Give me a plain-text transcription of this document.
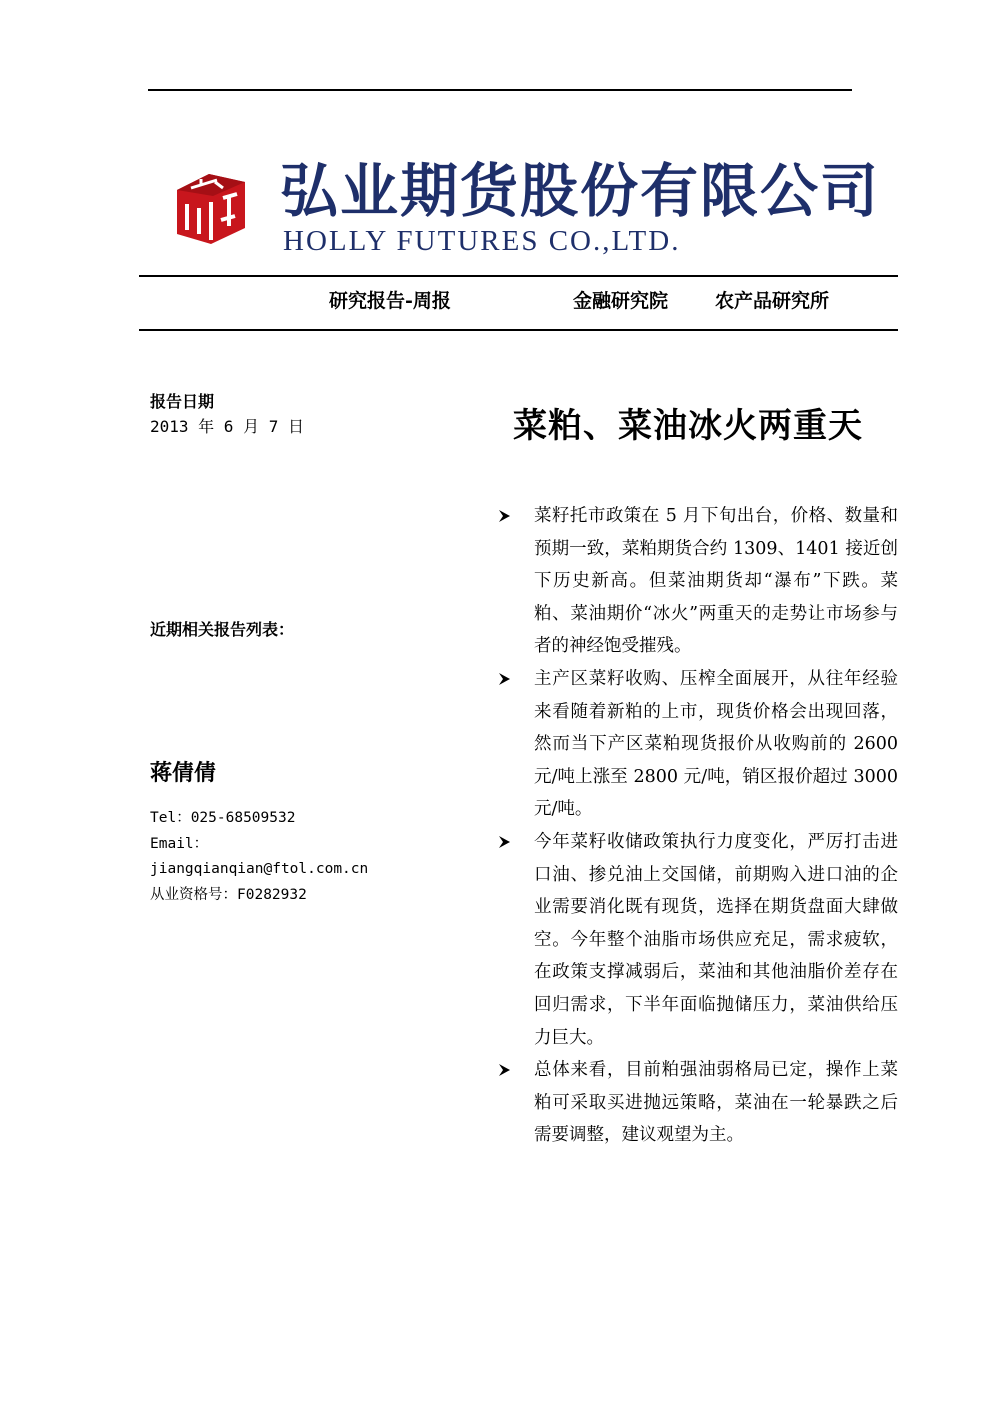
弘业期货股份有限公司
HOLLY FUTURES CO.,LTD.
研究报告-周报	金融研究院 农产品研究所
报告日期
2013 年 6 月 7 日
近期相关报告列表：
蒋倩倩
Tel：025-68509532
Email：
jiangqianqian@ftol.com.cn
从业资格号：F0282932
菜粕、菜油冰火两重天
菜籽托市政策在 5 月下旬出台，价格、数量和预期一致，菜粕期货合约 1309、1401 接近创下历史新高。但菜油期货却“瀑布”下跌。菜粕、菜油期价“冰火”两重天的走势让市场参与者的神经饱受摧残。
主产区菜籽收购、压榨全面展开，从往年经验来看随着新粕的上市，现货价格会出现回落，然而当下产区菜粕现货报价从收购前的 2600 元/吨上涨至 2800 元/吨，销区报价超过 3000 元/吨。
今年菜籽收储政策执行力度变化，严厉打击进口油、掺兑油上交国储，前期购入进口油的企业需要消化既有现货，选择在期货盘面大肆做空。今年整个油脂市场供应充足，需求疲软，在政策支撑减弱后，菜油和其他油脂价差存在回归需求，下半年面临抛储压力，菜油供给压力巨大。
总体来看，目前粕强油弱格局已定，操作上菜粕可采取买进抛远策略，菜油在一轮暴跌之后需要调整，建议观望为主。
